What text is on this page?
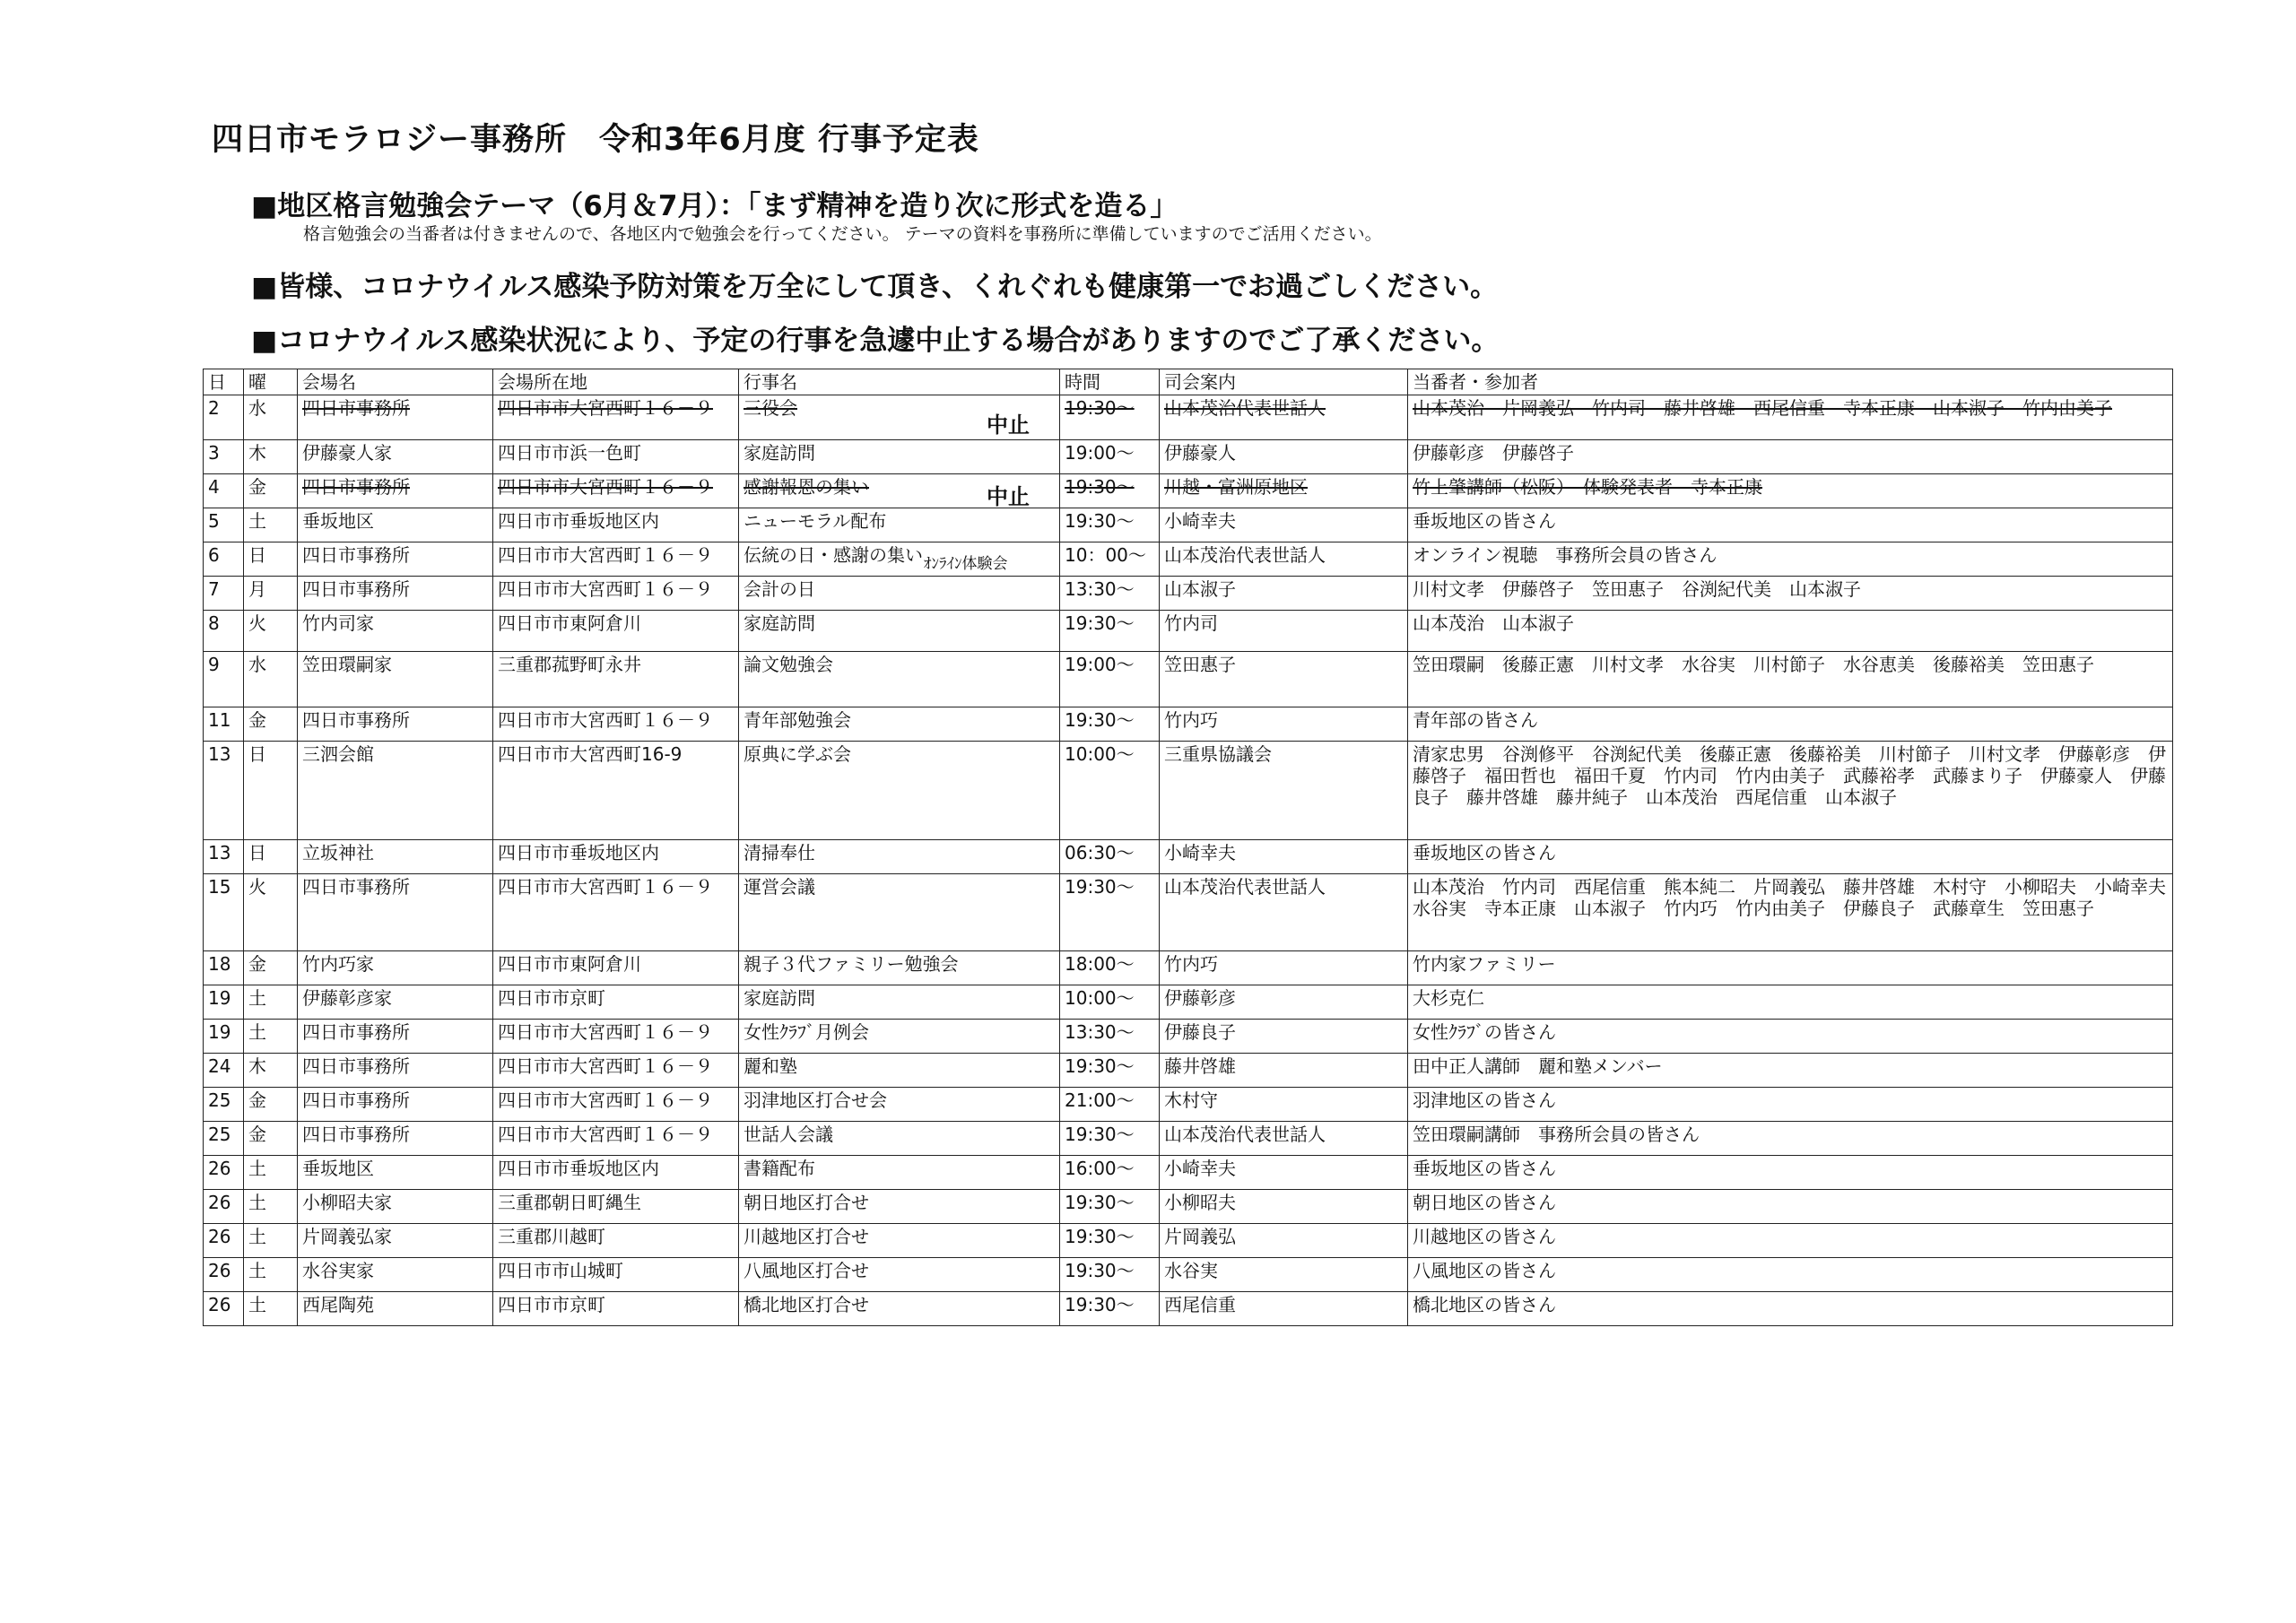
四日市モラロジー事務所　令和3年6月度 行事予定表
■地区格言勉強会テーマ（6月＆7月）：「まず精神を造り次に形式を造る」
格言勉強会の当番者は付きませんので、各地区内で勉強会を行ってください。 テーマの資料を事務所に準備していますのでご活用ください。
■皆様、コロナウイルス感染予防対策を万全にして頂き、くれぐれも健康第一でお過ごしください。
■コロナウイルス感染状況により、予定の行事を急遽中止する場合がありますのでご了承ください。
日	曜	会場名	会場所在地	行事名	時間	司会案内	当番者・参加者
2	水	四日市事務所	四日市市大宮西町１６－９	三役会	19:30～	山本茂治代表世話人	山本茂治　片岡義弘　竹内司　藤井啓雄　西尾信重　寺本正康　山本淑子　竹内由美子
3	木	伊藤豪人家	四日市市浜一色町	家庭訪問	19:00～	伊藤豪人	伊藤彰彦　伊藤啓子
4	金	四日市事務所	四日市市大宮西町１６－９	感謝報恩の集い	19:30～	川越・富洲原地区	竹上肇講師（松阪）　体験発表者　寺本正康
5	土	垂坂地区	四日市市垂坂地区内	ニューモラル配布	19:30～	小崎幸夫	垂坂地区の皆さん
6	日	四日市事務所	四日市市大宮西町１６－９	伝統の日・感謝の集い	10：00～	山本茂治代表世話人	オンライン視聴　事務所会員の皆さん
7	月	四日市事務所	四日市市大宮西町１６－９	会計の日	13:30～	山本淑子	川村文孝　伊藤啓子　笠田惠子　谷渕紀代美　山本淑子
8	火	竹内司家	四日市市東阿倉川	家庭訪問	19:30～	竹内司	山本茂治　山本淑子
9	水	笠田環嗣家	三重郡菰野町永井	論文勉強会	19:00～	笠田惠子	笠田環嗣　後藤正憲　川村文孝　水谷実　川村節子　水谷恵美　後藤裕美　笠田惠子
11	金	四日市事務所	四日市市大宮西町１６－９	青年部勉強会	19:30～	竹内巧	青年部の皆さん
13	日	三泗会館	四日市市大宮西町16-9	原典に学ぶ会	10:00～	三重県協議会	清家忠男　谷渕修平　谷渕紀代美　後藤正憲　後藤裕美　川村節子　川村文孝　伊藤彰彦　伊藤啓子　福田哲也　福田千夏　竹内司　竹内由美子　武藤裕孝　武藤まり子　伊藤豪人　伊藤良子　藤井啓雄　藤井純子　山本茂治　西尾信重　山本淑子
13	日	立坂神社	四日市市垂坂地区内	清掃奉仕	06:30～	小崎幸夫	垂坂地区の皆さん
15	火	四日市事務所	四日市市大宮西町１６－９	運営会議	19:30～	山本茂治代表世話人	山本茂治　竹内司　西尾信重　熊本純二　片岡義弘　藤井啓雄　木村守　小柳昭夫　小崎幸夫　水谷実　寺本正康　山本淑子　竹内巧　竹内由美子　伊藤良子　武藤章生　笠田惠子
18	金	竹内巧家	四日市市東阿倉川	親子３代ファミリー勉強会	18:00～	竹内巧	竹内家ファミリー
19	土	伊藤彰彦家	四日市市京町	家庭訪問	10:00～	伊藤彰彦	大杉克仁
19	土	四日市事務所	四日市市大宮西町１６－９	女性ｸﾗﾌﾞ月例会	13:30～	伊藤良子	女性ｸﾗﾌﾞの皆さん
24	木	四日市事務所	四日市市大宮西町１６－９	麗和塾	19:30～	藤井啓雄	田中正人講師　麗和塾メンバー
25	金	四日市事務所	四日市市大宮西町１６－９	羽津地区打合せ会	21:00～	木村守	羽津地区の皆さん
25	金	四日市事務所	四日市市大宮西町１６－９	世話人会議	19:30～	山本茂治代表世話人	笠田環嗣講師　事務所会員の皆さん
26	土	垂坂地区	四日市市垂坂地区内	書籍配布	16:00～	小崎幸夫	垂坂地区の皆さん
26	土	小柳昭夫家	三重郡朝日町縄生	朝日地区打合せ	19:30～	小柳昭夫	朝日地区の皆さん
26	土	片岡義弘家	三重郡川越町	川越地区打合せ	19:30～	片岡義弘	川越地区の皆さん
26	土	水谷実家	四日市市山城町	八風地区打合せ	19:30～	水谷実	八風地区の皆さん
26	土	西尾陶苑	四日市市京町	橋北地区打合せ	19:30～	西尾信重	橋北地区の皆さん
中止
中止
ｵﾝﾗｲﾝ体験会
